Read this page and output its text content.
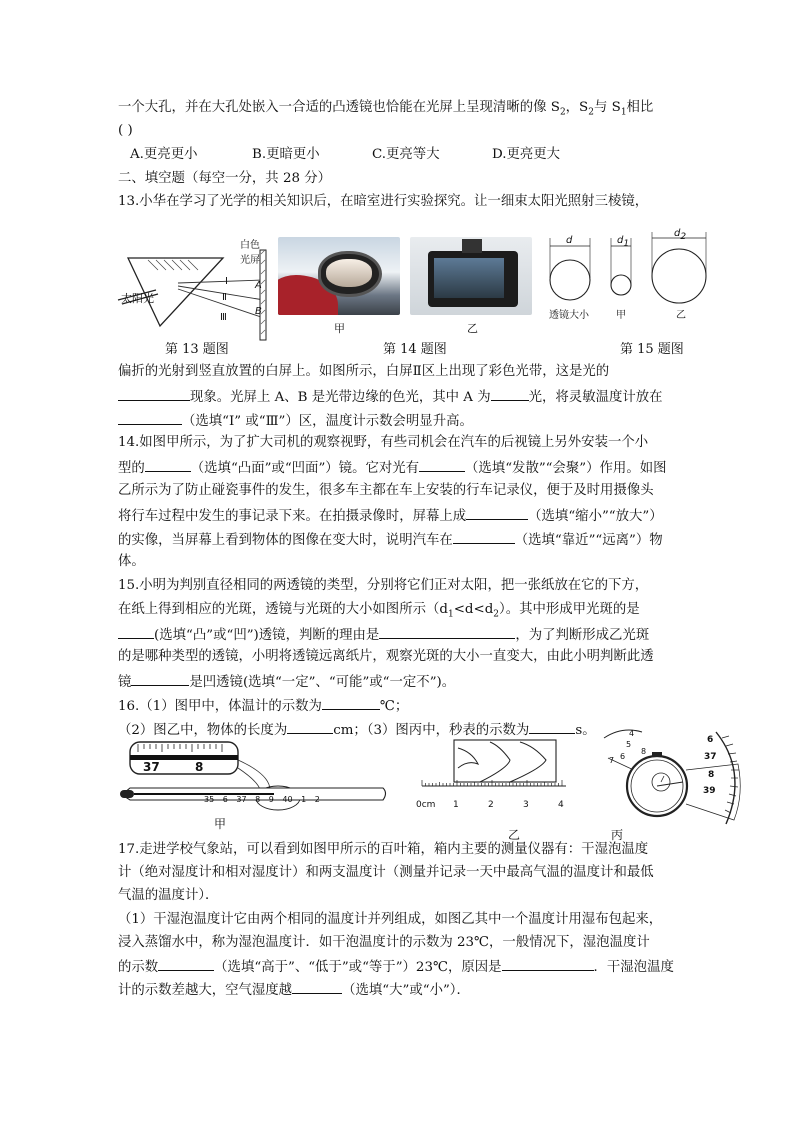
一个大孔，并在大孔处嵌入一合适的凸透镜也恰能在光屏上呈现清晰的像 $S_2$，$S_2$与 $S_1$相比
( )
A.更亮更小	B.更暗更小	C.更亮等大	D.更亮更大
二、填空题（每空一分，共 28 分）
13.小华在学习了光学的相关知识后，在暗室进行实验探究。让一细束太阳光照射三棱镜，
太阳光
白色
光屏
Ⅰ
Ⅱ
Ⅲ
A
B
甲	乙
d	$d_1$
$d_2$
透镜大小	甲	乙
第 13 题图	第 14 题图	第 15 题图
偏折的光射到竖直放置的白屏上。如图所示，白屏Ⅱ区上出现了彩色光带，这是光的
现象。光屏上 A、B 是光带边缘的色光，其中 A 为	光，将灵敏温度计放在
（选填“Ⅰ” 或“Ⅲ”）区，温度计示数会明显升高。
14.如图甲所示，为了扩大司机的观察视野，有些司机会在汽车的后视镜上另外安装一个小
型的	（选填“凸面”或“凹面”）镜。它对光有	（选填“发散”“会聚”）作用。如图
乙所示为了防止碰瓷事件的发生，很多车主都在车上安装的行车记录仪，便于及时用摄像头
将行车过程中发生的事记录下来。在拍摄录像时，屏幕上成	（选填“缩小”“放大”）
的实像，当屏幕上看到物体的图像在变大时，说明汽车在	（选填“靠近”“远离”）物
体。
15.小明为判别直径相同的两透镜的类型，分别将它们正对太阳，把一张纸放在它的下方，
在纸上得到相应的光斑，透镜与光斑的大小如图所示$(d_1<d<d_2)$。其中形成甲光斑的是
(选填“凸”或“凹”)透镜，判断的理由是	，为了判断形成乙光斑
的是哪种类型的透镜，小明将透镜远离纸片，观察光斑的大小一直变大，由此小明判断此透
镜	是凹透镜(选填“一定”、“可能”或“一定不”)。
16.（1）图甲中，体温计的示数为	℃；
（2）图乙中，物体的长度为	cm；（3）图丙中，秒表的示数为	s。
37	8
35 6 37 8 9 40 1 2
甲
0cm 1	2	3	4
乙
4
5
6
7
8
6
37
8
39
丙
17.走进学校气象站，可以看到如图甲所示的百叶箱，箱内主要的测量仪器有：干湿泡温度
计（绝对湿度计和相对湿度计）和两支温度计（测量并记录一天中最高气温的温度计和最低
气温的温度计）．
（1）干湿泡温度计它由两个相同的温度计并列组成，如图乙其中一个温度计用湿布包起来，
浸入蒸馏水中，称为湿泡温度计．如干泡温度计的示数为 23℃，一般情况下，湿泡温度计
的示数	（选填“高于”、“低于”或“等于”）23℃，原因是	．干湿泡温度
计的示数差越大，空气湿度越	（选填“大”或“小”）．
